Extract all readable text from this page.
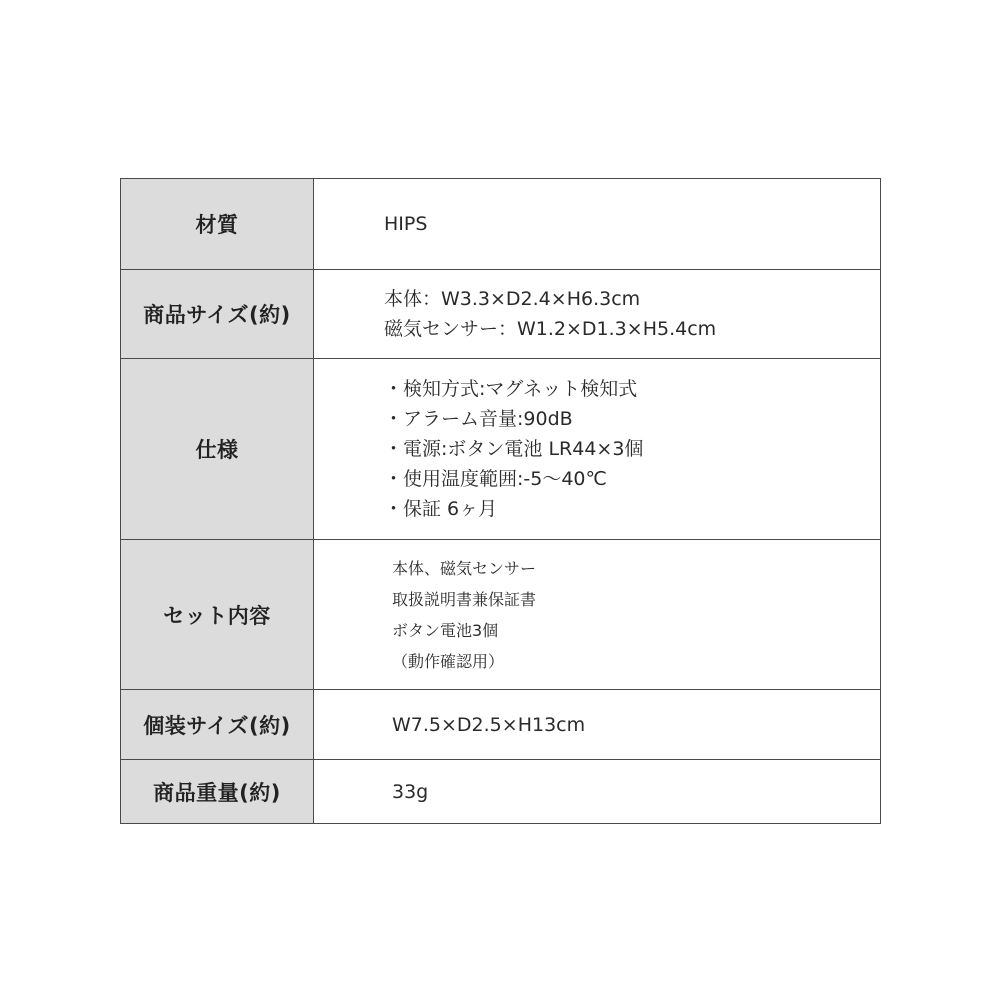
材質	HIPS

商品サイズ(約)	本体：W3.3×D2.4×H6.3cm
磁気センサー：W1.2×D1.3×H5.4cm

仕様	・検知方式:マグネット検知式
・アラーム音量:90dB
・電源:ボタン電池 LR44×3個
・使用温度範囲:-5～40℃
・保証 6ヶ月

セット内容	本体、磁気センサー
取扱説明書兼保証書
ボタン電池3個
（動作確認用）

個装サイズ(約)	W7.5×D2.5×H13cm

商品重量(約)	33g
